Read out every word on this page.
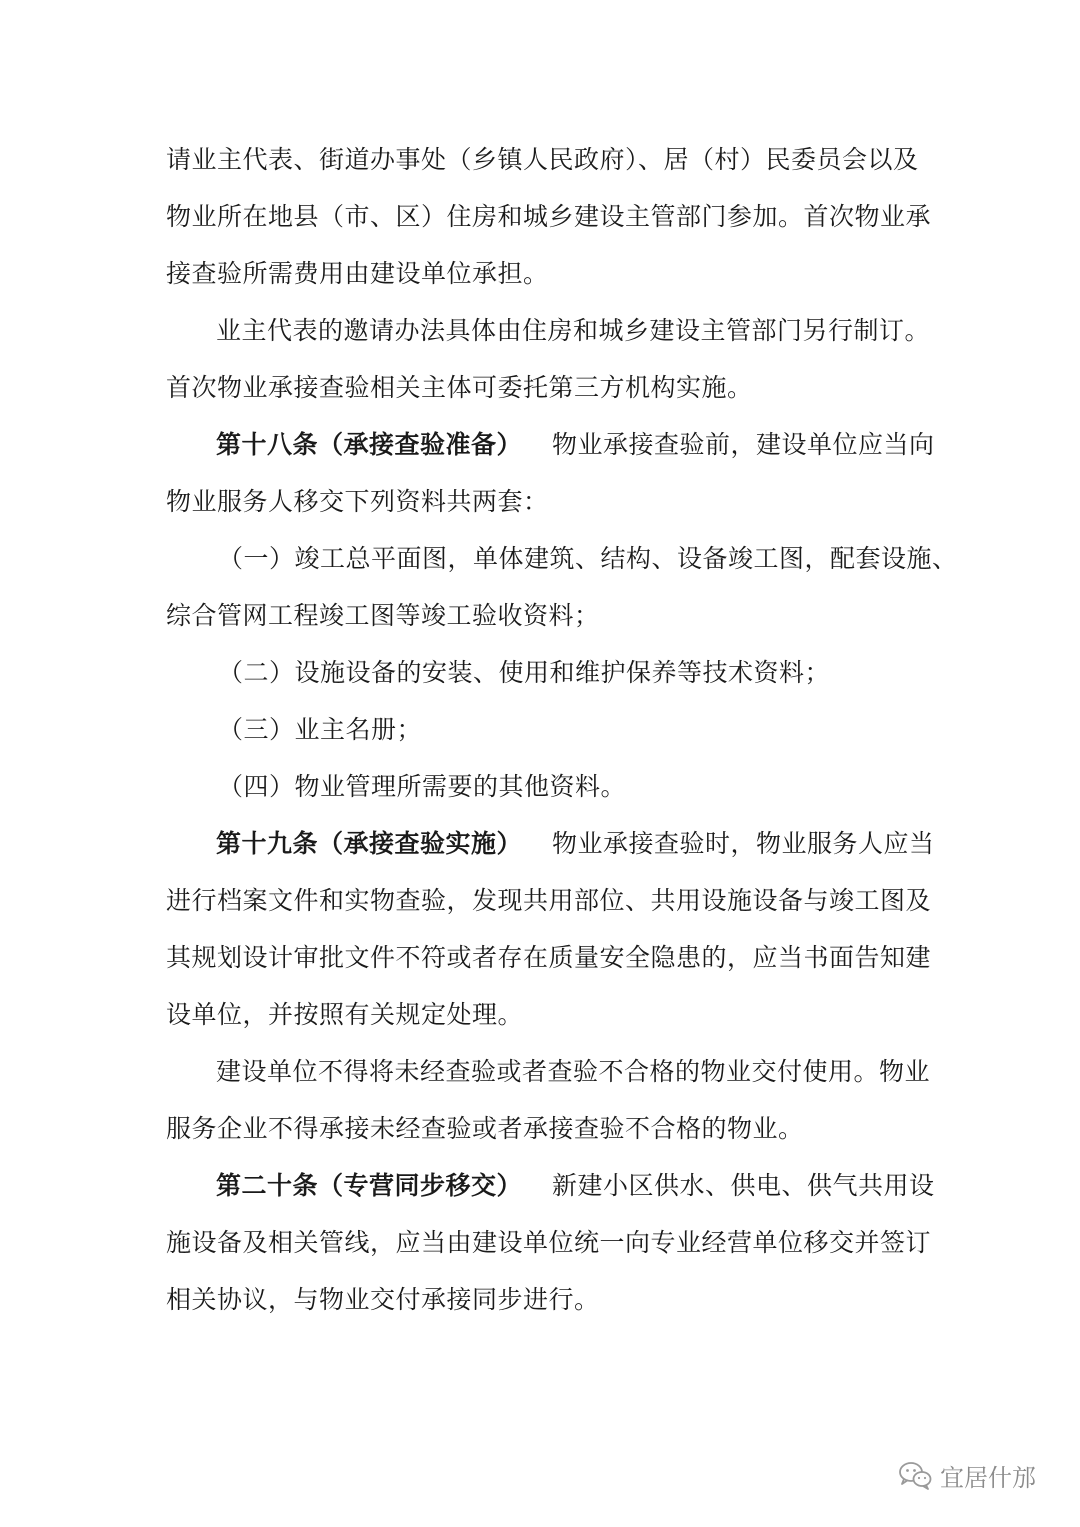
请业主代表、街道办事处（乡镇人民政府）、居（村）民委员会以及
物业所在地县（市、区）住房和城乡建设主管部门参加。首次物业承
接查验所需费用由建设单位承担。
业主代表的邀请办法具体由住房和城乡建设主管部门另行制订。
首次物业承接查验相关主体可委托第三方机构实施。
第十八条（承接查验准备） 物业承接查验前，建设单位应当向
物业服务人移交下列资料共两套：
（一）竣工总平面图，单体建筑、结构、设备竣工图，配套设施、
综合管网工程竣工图等竣工验收资料；
（二）设施设备的安装、使用和维护保养等技术资料；
（三）业主名册；
（四）物业管理所需要的其他资料。
第十九条（承接查验实施） 物业承接查验时，物业服务人应当
进行档案文件和实物查验，发现共用部位、共用设施设备与竣工图及
其规划设计审批文件不符或者存在质量安全隐患的，应当书面告知建
设单位，并按照有关规定处理。
建设单位不得将未经查验或者查验不合格的物业交付使用。物业
服务企业不得承接未经查验或者承接查验不合格的物业。
第二十条（专营同步移交） 新建小区供水、供电、供气共用设
施设备及相关管线，应当由建设单位统一向专业经营单位移交并签订
相关协议，与物业交付承接同步进行。
宜居什邡
